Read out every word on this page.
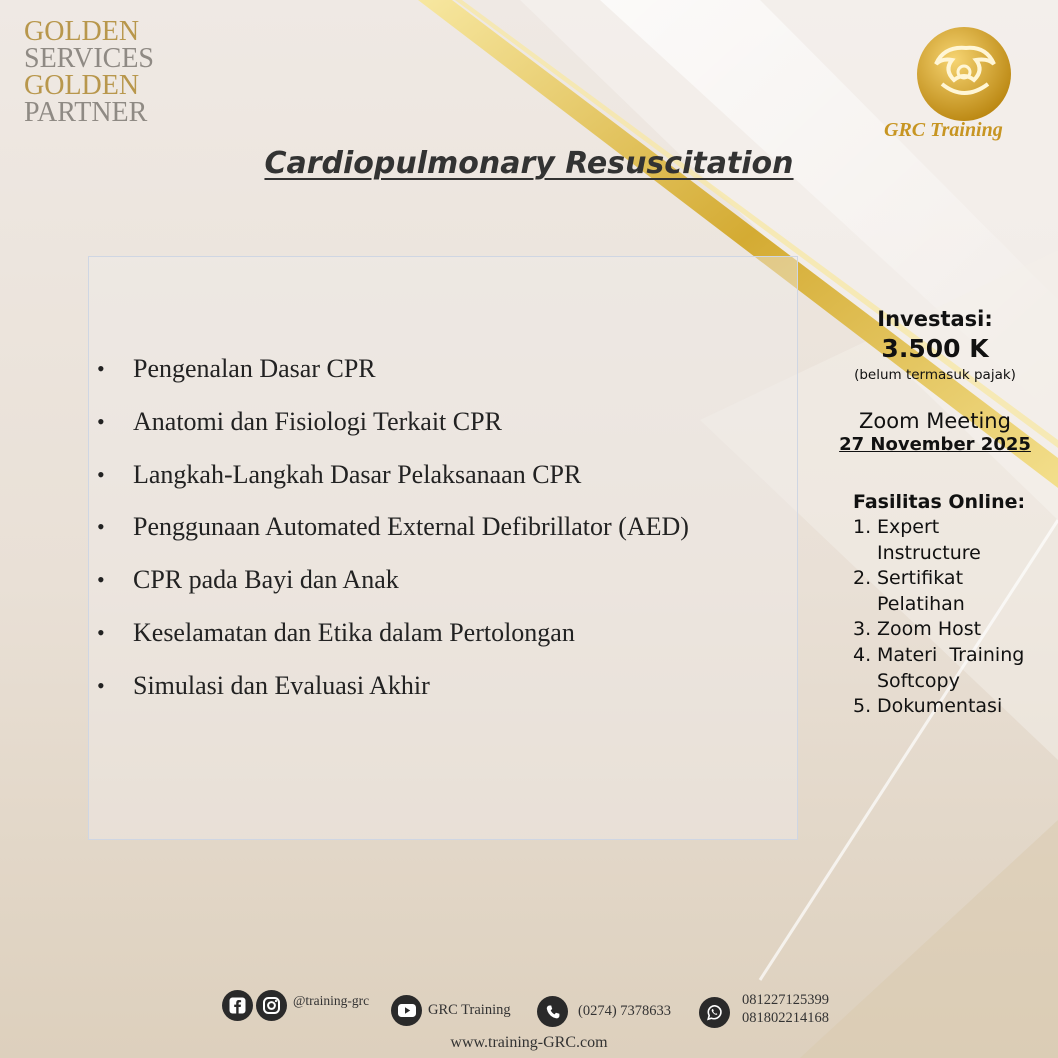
GOLDEN
SERVICES
GOLDEN
PARTNER
GRC Training
Cardiopulmonary Resuscitation
• Pengenalan Dasar CPR
• Anatomi dan Fisiologi Terkait CPR
• Langkah-Langkah Dasar Pelaksanaan CPR
• Penggunaan Automated External Defibrillator (AED)
• CPR pada Bayi dan Anak
• Keselamatan dan Etika dalam Pertolongan
• Simulasi dan Evaluasi Akhir
Investasi:
3.500 K
(belum termasuk pajak)
Zoom Meeting
27 November 2025
Fasilitas Online:
1. Expert
Instructure
2. Sertifikat
Pelatihan
3. Zoom Host
4. Materi  Training
Softcopy
5. Dokumentasi
@training-grc
GRC Training	(0274) 7378633
081227125399
081802214168
www.training-GRC.com
